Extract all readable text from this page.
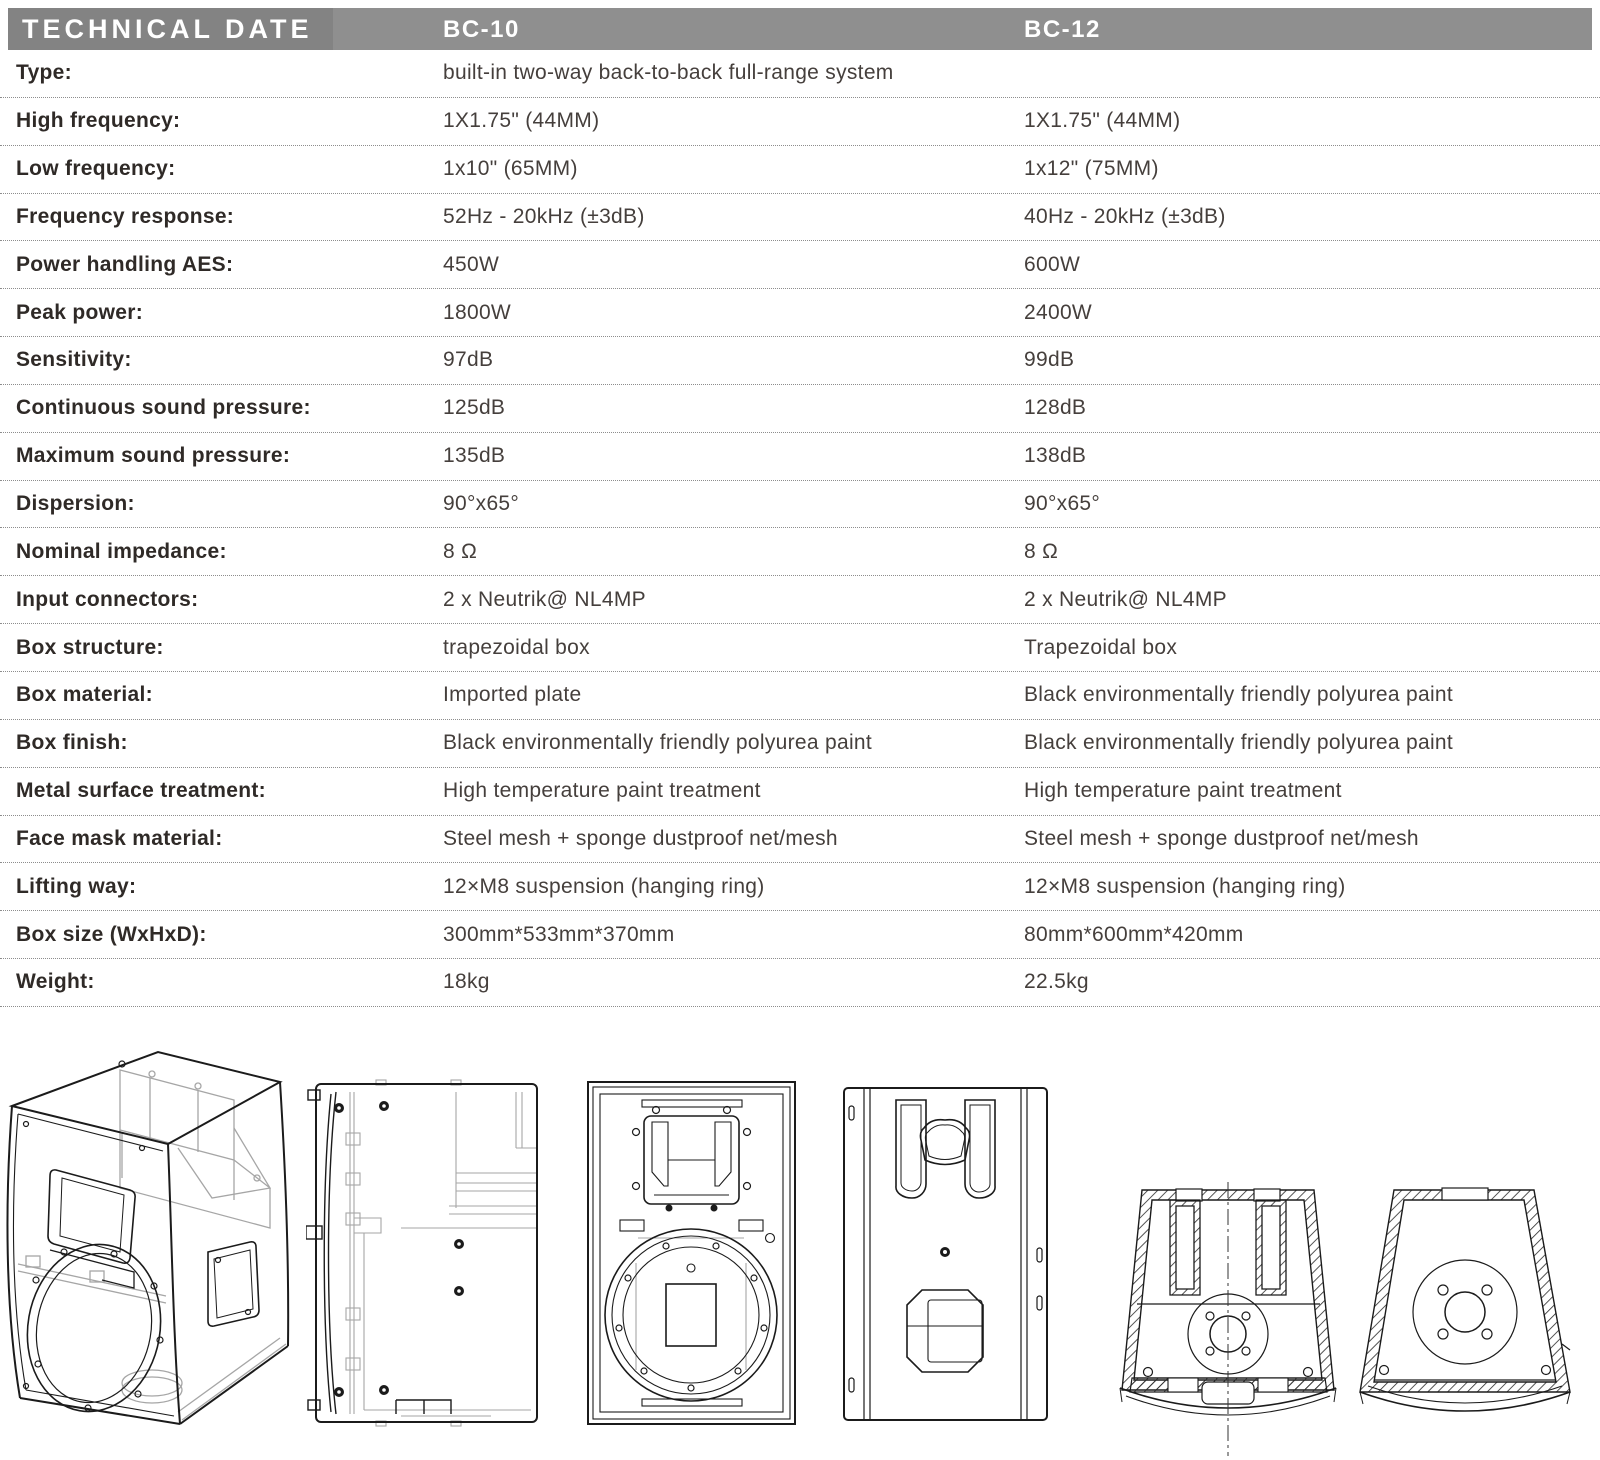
TECHNICAL DATE	BC-10	BC-12
Type:	built-in two-way back-to-back full-range system
High frequency:	1X1.75" (44MM)	1X1.75" (44MM)
Low frequency:	1x10" (65MM)	1x12" (75MM)
Frequency response:	52Hz - 20kHz (±3dB)	40Hz - 20kHz (±3dB)
Power handling AES:	450W	600W
Peak power:	1800W	2400W
Sensitivity:	97dB	99dB
Continuous sound pressure:	125dB	128dB
Maximum sound pressure:	135dB	138dB
Dispersion:	90°x65°	90°x65°
Nominal impedance:	8 Ω	8 Ω
Input connectors:	2 x Neutrik@ NL4MP	2 x Neutrik@ NL4MP
Box structure:	trapezoidal box	Trapezoidal box
Box material:	Imported plate	Black environmentally friendly polyurea paint
Box finish:	Black environmentally friendly polyurea paint	Black environmentally friendly polyurea paint
Metal surface treatment:	High temperature paint treatment	High temperature paint treatment
Face mask material:	Steel mesh + sponge dustproof net/mesh	Steel mesh + sponge dustproof net/mesh
Lifting way:	12×M8 suspension (hanging ring)	12×M8 suspension (hanging ring)
Box size (WxHxD):	300mm*533mm*370mm	80mm*600mm*420mm
Weight:	18kg	22.5kg
